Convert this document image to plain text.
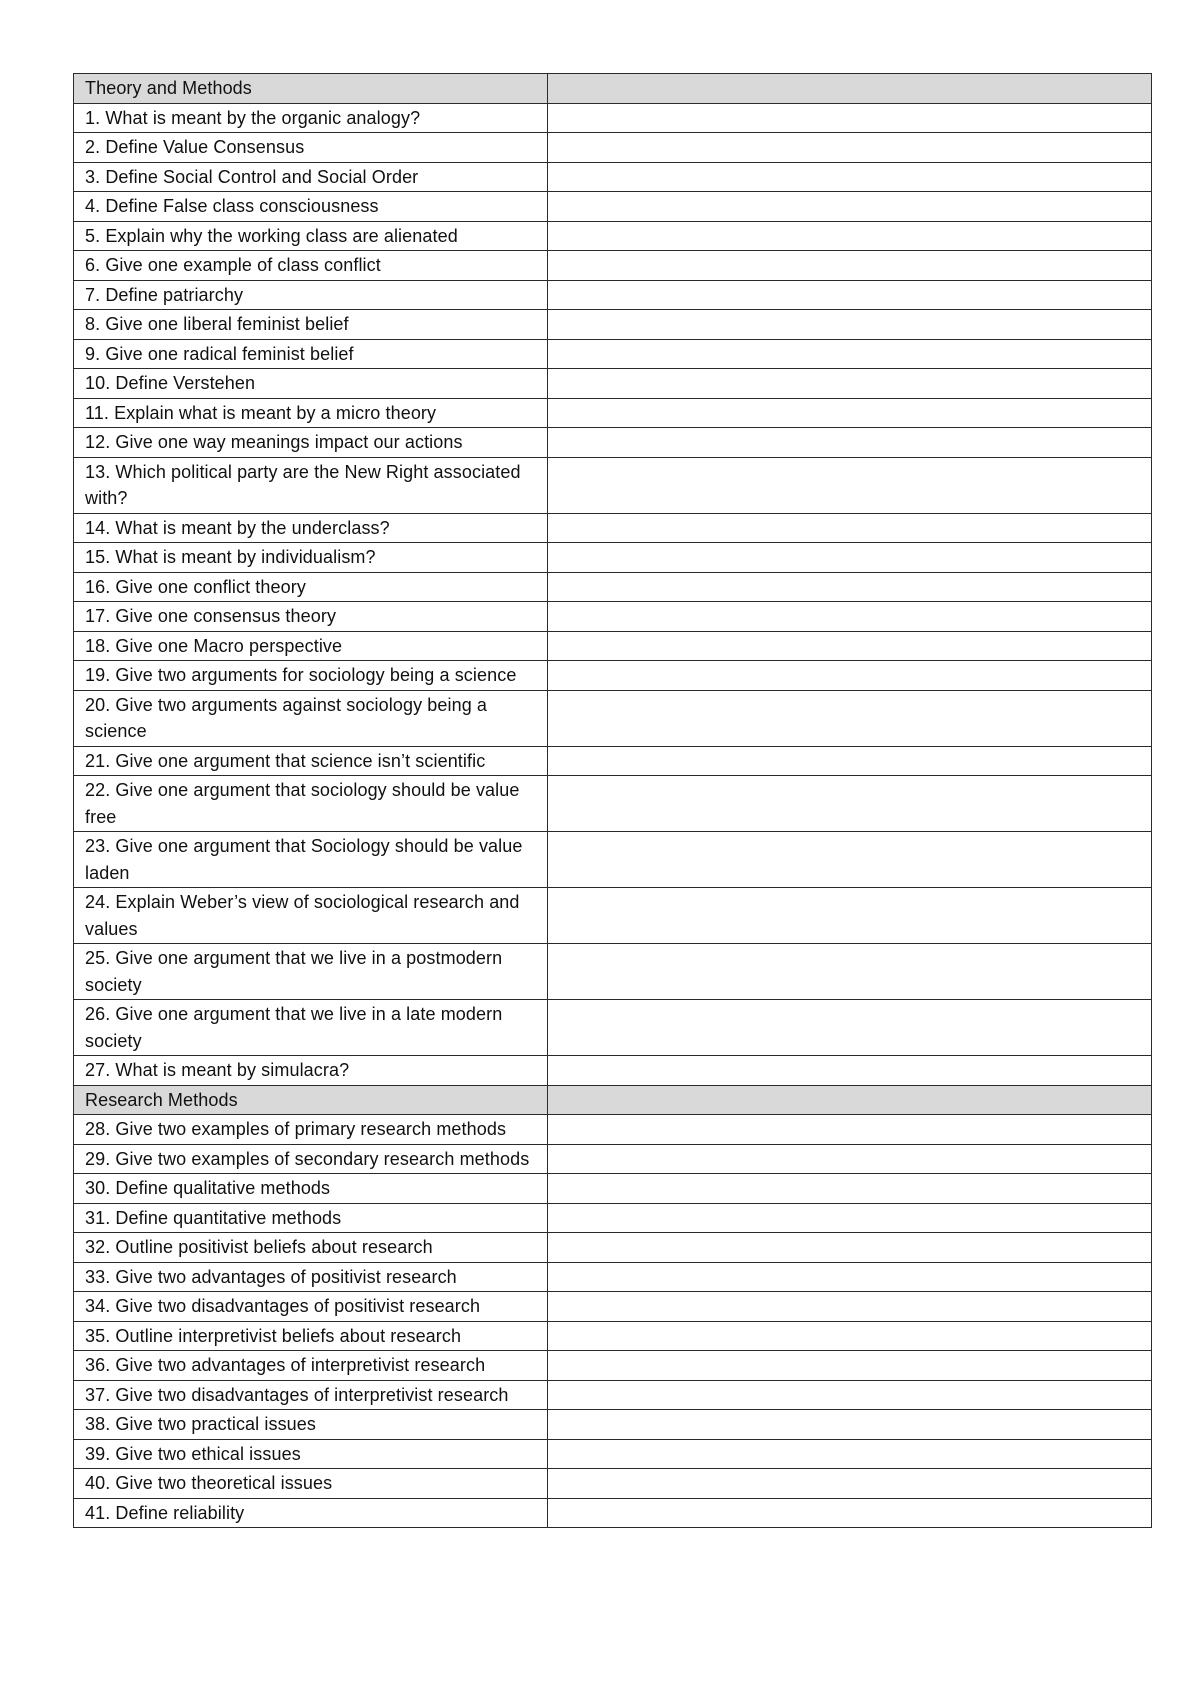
Theory and Methods	
1. What is meant by the organic analogy?	
2. Define Value Consensus	
3. Define Social Control and Social Order	
4. Define False class consciousness	
5. Explain why the working class are alienated	
6. Give one example of class conflict	
7. Define patriarchy	
8. Give one liberal feminist belief	
9. Give one radical feminist belief	
10. Define Verstehen	
11. Explain what is meant by a micro theory	
12. Give one way meanings impact our actions	
13. Which political party are the New Right associated with?	
14. What is meant by the underclass?	
15. What is meant by individualism?	
16. Give one conflict theory	
17. Give one consensus theory	
18. Give one Macro perspective	
19. Give two arguments for sociology being a science	
20. Give two arguments against sociology being a science	
21. Give one argument that science isn’t scientific	
22. Give one argument that sociology should be value free	
23. Give one argument that Sociology should be value laden	
24. Explain Weber’s view of sociological research and values	
25. Give one argument that we live in a postmodern society	
26. Give one argument that we live in a late modern society	
27. What is meant by simulacra?	
Research Methods	
28. Give two examples of primary research methods	
29. Give two examples of secondary research methods	
30. Define qualitative methods	
31. Define quantitative methods	
32. Outline positivist beliefs about research	
33. Give two advantages of positivist research	
34. Give two disadvantages of positivist research	
35. Outline interpretivist beliefs about research	
36. Give two advantages of interpretivist research	
37. Give two disadvantages of interpretivist research	
38. Give two practical issues	
39. Give two ethical issues	
40. Give two theoretical issues	
41. Define reliability	
